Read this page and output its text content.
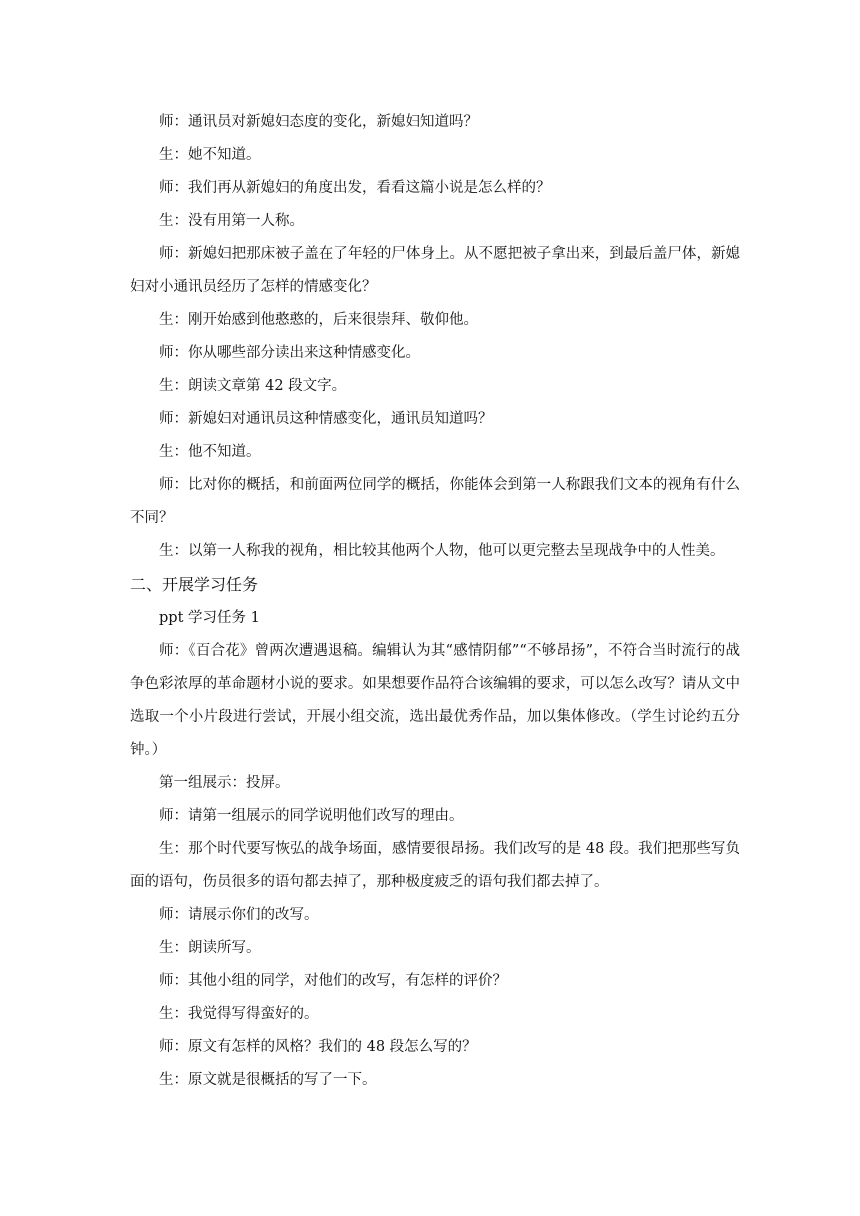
师：通讯员对新媳妇态度的变化，新媳妇知道吗？

生：她不知道。

师：我们再从新媳妇的角度出发，看看这篇小说是怎么样的？

生：没有用第一人称。

师：新媳妇把那床被子盖在了年轻的尸体身上。从不愿把被子拿出来，到最后盖尸体，新媳妇对小通讯员经历了怎样的情感变化？

生：刚开始感到他憨憨的，后来很崇拜、敬仰他。

师：你从哪些部分读出来这种情感变化。

生：朗读文章第 42 段文字。

师：新媳妇对通讯员这种情感变化，通讯员知道吗？

生：他不知道。

师：比对你的概括，和前面两位同学的概括，你能体会到第一人称跟我们文本的视角有什么不同？

生：以第一人称我的视角，相比较其他两个人物，他可以更完整去呈现战争中的人性美。

二、开展学习任务

ppt 学习任务 1

师：《百合花》曾两次遭遇退稿。编辑认为其“感情阴郁”“不够昂扬”，不符合当时流行的战争色彩浓厚的革命题材小说的要求。如果想要作品符合该编辑的要求，可以怎么改写？请从文中选取一个小片段进行尝试，开展小组交流，选出最优秀作品，加以集体修改。（学生讨论约五分钟。）

第一组展示：投屏。

师：请第一组展示的同学说明他们改写的理由。

生：那个时代要写恢弘的战争场面，感情要很昂扬。我们改写的是 48 段。我们把那些写负面的语句，伤员很多的语句都去掉了，那种极度疲乏的语句我们都去掉了。

师：请展示你们的改写。

生：朗读所写。

师：其他小组的同学，对他们的改写，有怎样的评价？

生：我觉得写得蛮好的。

师：原文有怎样的风格？我们的 48 段怎么写的？

生：原文就是很概括的写了一下。
